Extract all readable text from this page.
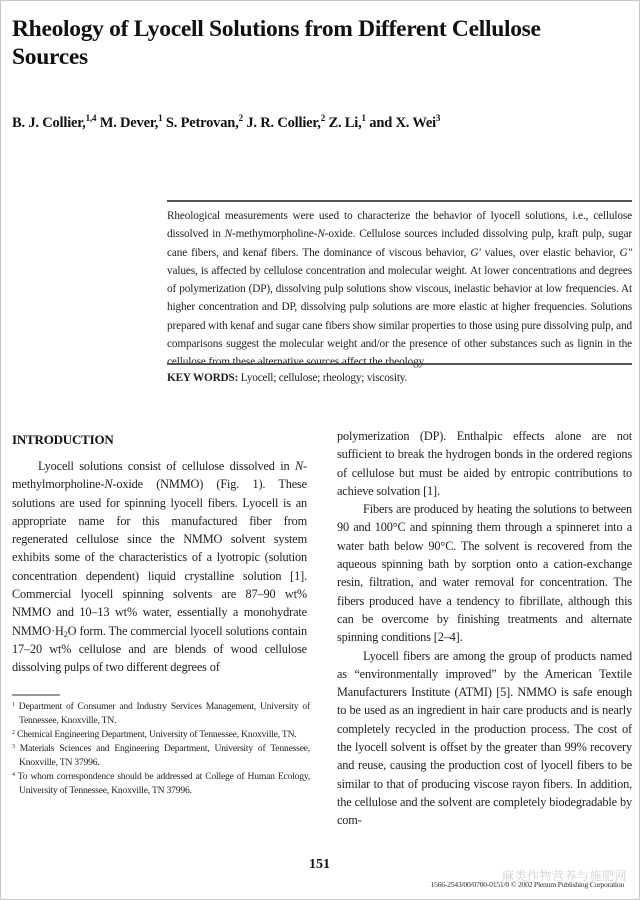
Rheology of Lyocell Solutions from Different Cellulose Sources
B. J. Collier,$^{1,4}$ M. Dever,$^1$ S. Petrovan,$^2$ J. R. Collier,$^2$ Z. Li,$^1$ and X. Wei$^3$
Rheological measurements were used to characterize the behavior of lyocell solutions, i.e., cellulose dissolved in N-methymorpholine-N-oxide. Cellulose sources included dissolving pulp, kraft pulp, sugar cane fibers, and kenaf fibers. The dominance of viscous behavior, G′ values, over elastic behavior, G″ values, is affected by cellulose concentration and molecular weight. At lower concentrations and degrees of polymerization (DP), dissolving pulp solutions show viscous, inelastic behavior at low frequencies. At higher concentration and DP, dissolving pulp solutions are more elastic at higher frequencies. Solutions prepared with kenaf and sugar cane fibers show similar properties to those using pure dissolving pulp, and comparisons suggest the molecular weight and/or the presence of other substances such as lignin in the
KEY WORDS: Lyocell; cellulose; rheology; viscosity.
INTRODUCTION

Lyocell solutions consist of cellulose dissolved in N-methylmorpholine-N-oxide (NMMO) (Fig. 1). These solutions are used for spinning lyocell fibers. Lyocell is an appropriate name for this manufactured fiber from regenerated cellulose since the NMMO solvent system exhibits some of the characteristics of a lyotropic (solution concentration dependent) liquid crystalline solution [1]. Commercial lyocell spinning solvents are 87–90 wt% NMMO and 10–13 wt% water, essentially a monohydrate $NMMO\cdot H_2O$ form. The commercial lyocell solutions contain 17–20 wt% cellulose and are blends of wood cellulose dissolving pulps of two different degrees of

$^1$ Department of Consumer and Industry Services Management, University of Tennessee, Knoxville, TN.
$^2$ Chemical Engineering Department, University of Tennessee, Knoxville, TN.
$^3$ Materials Sciences and Engineering Department, University of Tennessee, Knoxville, TN 37996.
$^4$ To whom correspondence should be addressed at College of Human Ecology, University of Tennessee, Knoxville, TN 37996.

polymerization (DP). Enthalpic effects alone are not sufficient to break the hydrogen bonds in the ordered regions of cellulose but must be aided by entropic contributions to achieve solvation [1].

Fibers are produced by heating the solutions to between 90 and 100°C and spinning them through a spinneret into a water bath below 90°C. The solvent is recovered from the aqueous spinning bath by sorption onto a cation-exchange resin, filtration, and water removal for concentration. The fibers produced have a tendency to fibrillate, although this can be overcome by finishing treatments and alternate spinning conditions [2–4].

Lyocell fibers are among the group of products named as “environmentally improved” by the American Textile Manufacturers Institute (ATMI) [5]. NMMO is safe enough to be used as an ingredient in hair care products and is nearly completely recycled in the production process. The cost of the lyocell solvent is offset by the greater than 99% recovery and reuse, causing the production cost of lyocell fibers to be similar to that of producing viscose rayon fibers. In addition, the cellulose and the solvent are completely biodegradable by com-

151
麻类作物营养与施肥网
1566-2543/00/0700-0151/0 © 2002 Plenum Publishing Corporation
